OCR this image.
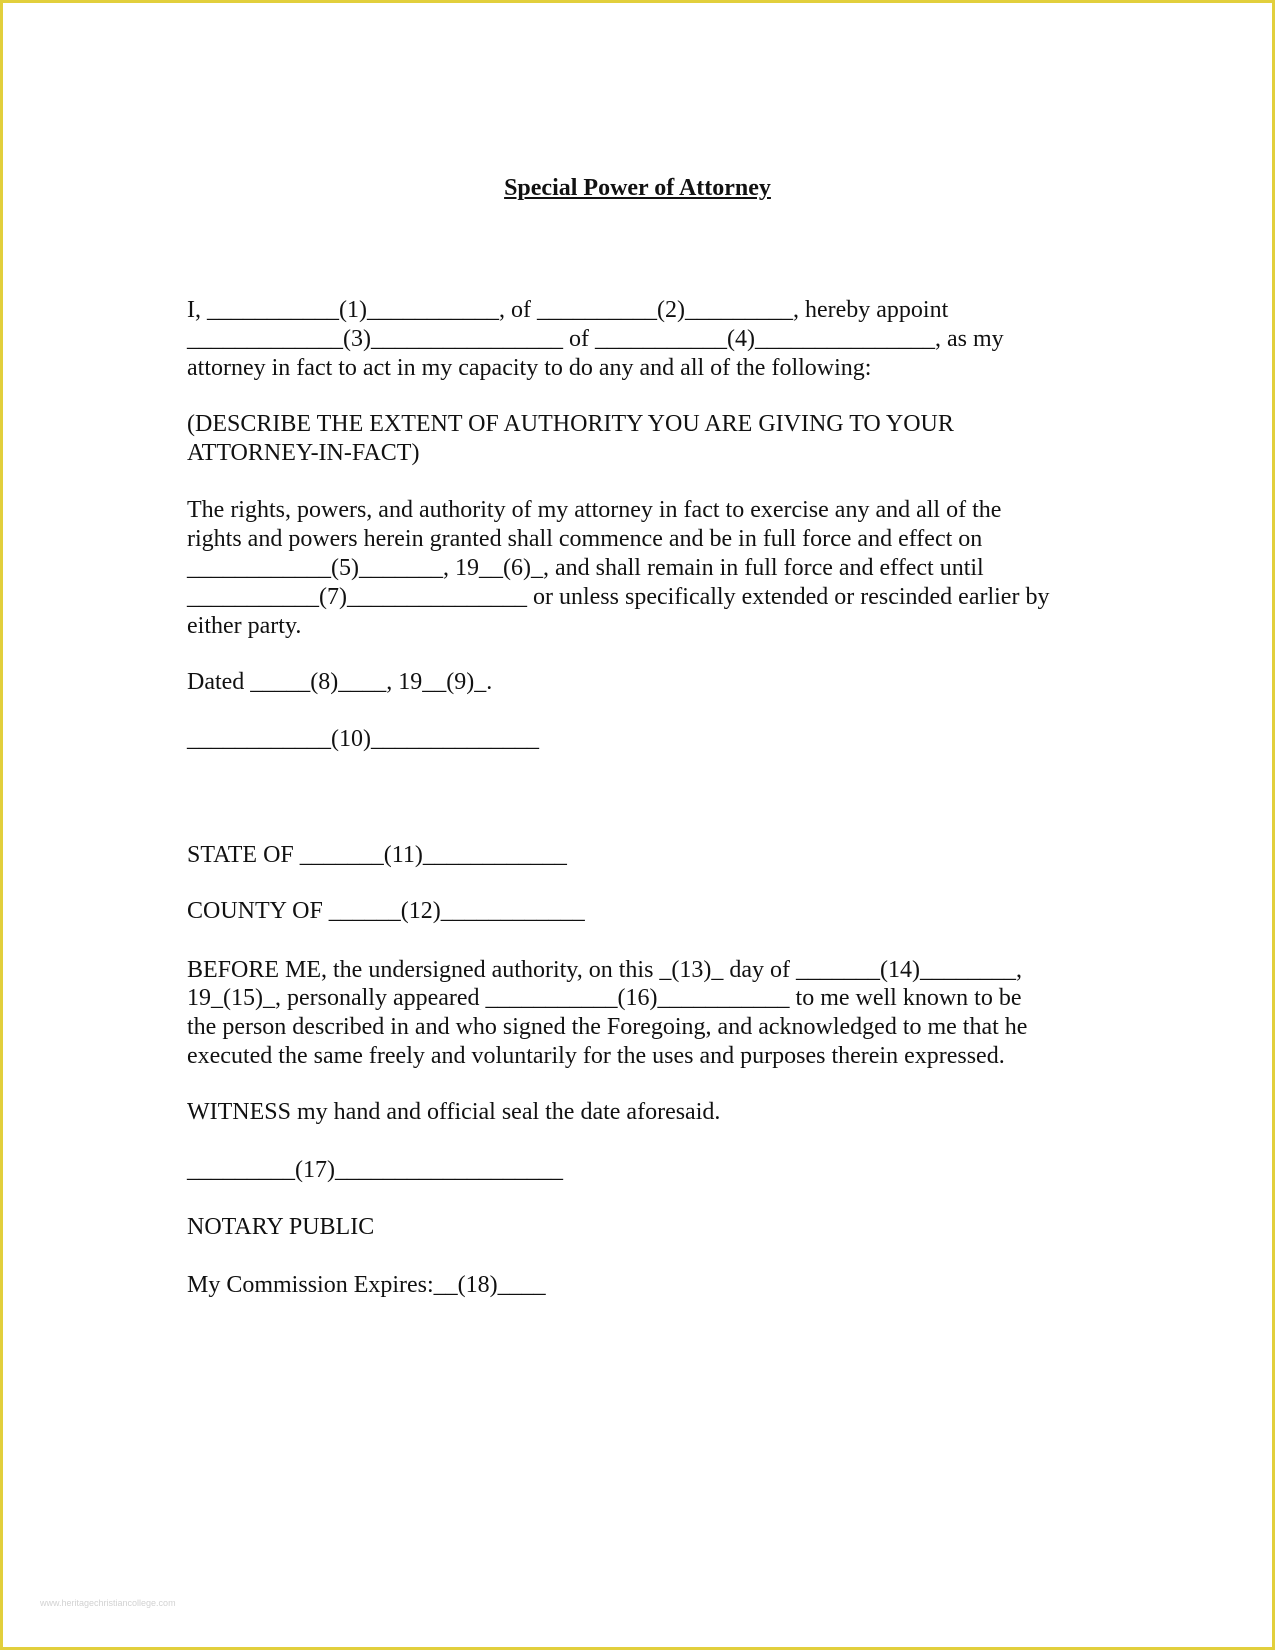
Special Power of Attorney
I, ___________(1)___________, of __________(2)_________, hereby appoint
_____________(3)________________ of ___________(4)_______________, as my
attorney in fact to act in my capacity to do any and all of the following:
(DESCRIBE THE EXTENT OF AUTHORITY YOU ARE GIVING TO YOUR
ATTORNEY-IN-FACT)
The rights, powers, and authority of my attorney in fact to exercise any and all of the
rights and powers herein granted shall commence and be in full force and effect on
____________(5)_______, 19__(6)_, and shall remain in full force and effect until
___________(7)_______________ or unless specifically extended or rescinded earlier by
either party.
Dated _____(8)____, 19__(9)_.
____________(10)______________
STATE OF _______(11)____________
COUNTY OF ______(12)____________
BEFORE ME, the undersigned authority, on this _(13)_ day of _______(14)________,
19_(15)_, personally appeared ___________(16)___________ to me well known to be
the person described in and who signed the Foregoing, and acknowledged to me that he
executed the same freely and voluntarily for the uses and purposes therein expressed.
WITNESS my hand and official seal the date aforesaid.
_________(17)___________________
NOTARY PUBLIC
My Commission Expires:__(18)____
www.heritagechristiancollege.com
